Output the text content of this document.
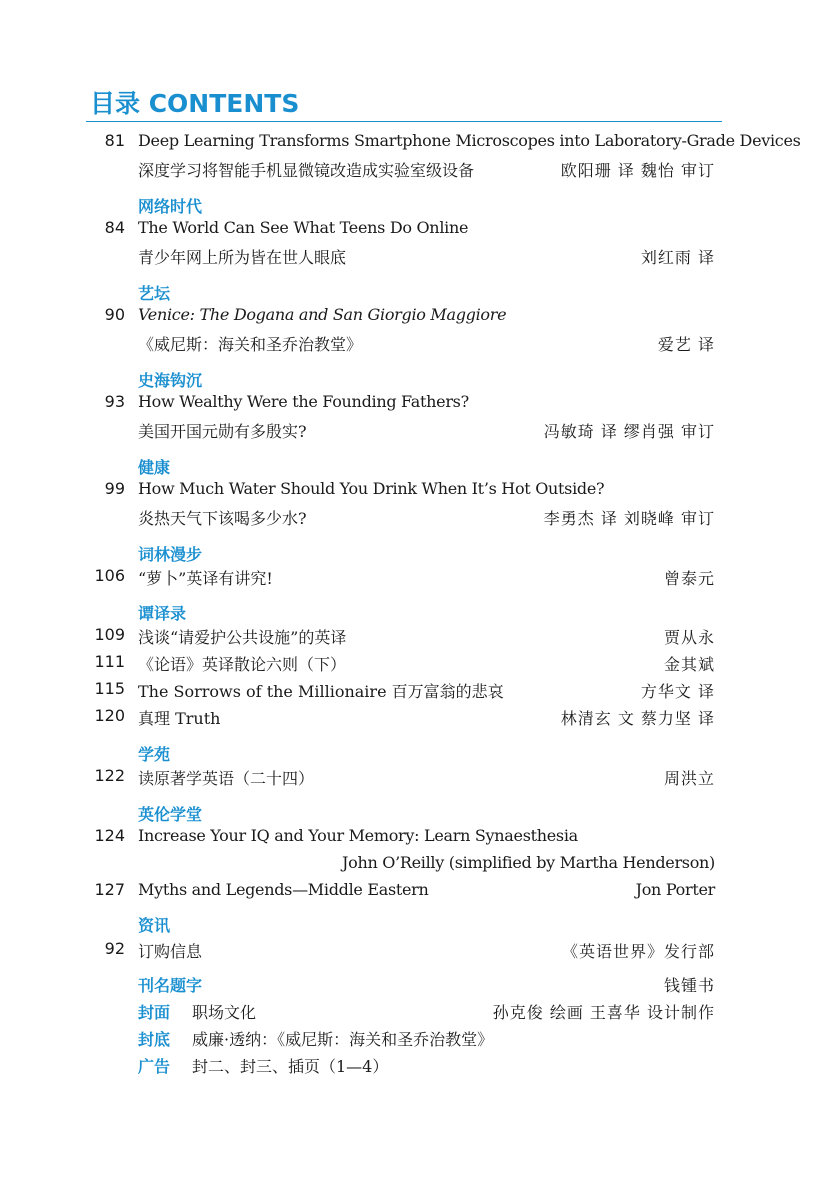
目录 CONTENTS
81 Deep Learning Transforms Smartphone Microscopes into Laboratory-Grade Devices
深度学习将智能手机显微镜改造成实验室级设备	欧阳珊 译 魏怡 审订
网络时代
84 The World Can See What Teens Do Online
青少年网上所为皆在世人眼底	刘红雨 译
艺坛
90 Venice: The Dogana and San Giorgio Maggiore
《威尼斯：海关和圣乔治教堂》	爱艺 译
史海钩沉
93 How Wealthy Were the Founding Fathers?
美国开国元勋有多殷实?	冯敏琦 译 缪肖强 审订
健康
99 How Much Water Should You Drink When It’s Hot Outside?
炎热天气下该喝多少水?	李勇杰 译 刘晓峰 审订
词林漫步
106 “萝卜”英译有讲究!	曾泰元
谭译录
109 浅谈“请爱护公共设施”的英译	贾从永
111 《论语》英译散论六则（下）	金其斌
115 The Sorrows of the Millionaire 百万富翁的悲哀	方华文 译
120 真理 Truth	林清玄 文 蔡力坚 译
学苑
122 读原著学英语（二十四）	周洪立
英伦学堂
124 Increase Your IQ and Your Memory: Learn Synaesthesia
John O’Reilly (simplified by Martha Henderson)
127 Myths and Legends—Middle Eastern	Jon Porter
资讯
92 订购信息	《英语世界》发行部
刊名题字	钱锺书
封面 职场文化	孙克俊 绘画 王喜华 设计制作
封底 威廉·透纳：《威尼斯：海关和圣乔治教堂》
广告 封二、封三、插页（1—4）
